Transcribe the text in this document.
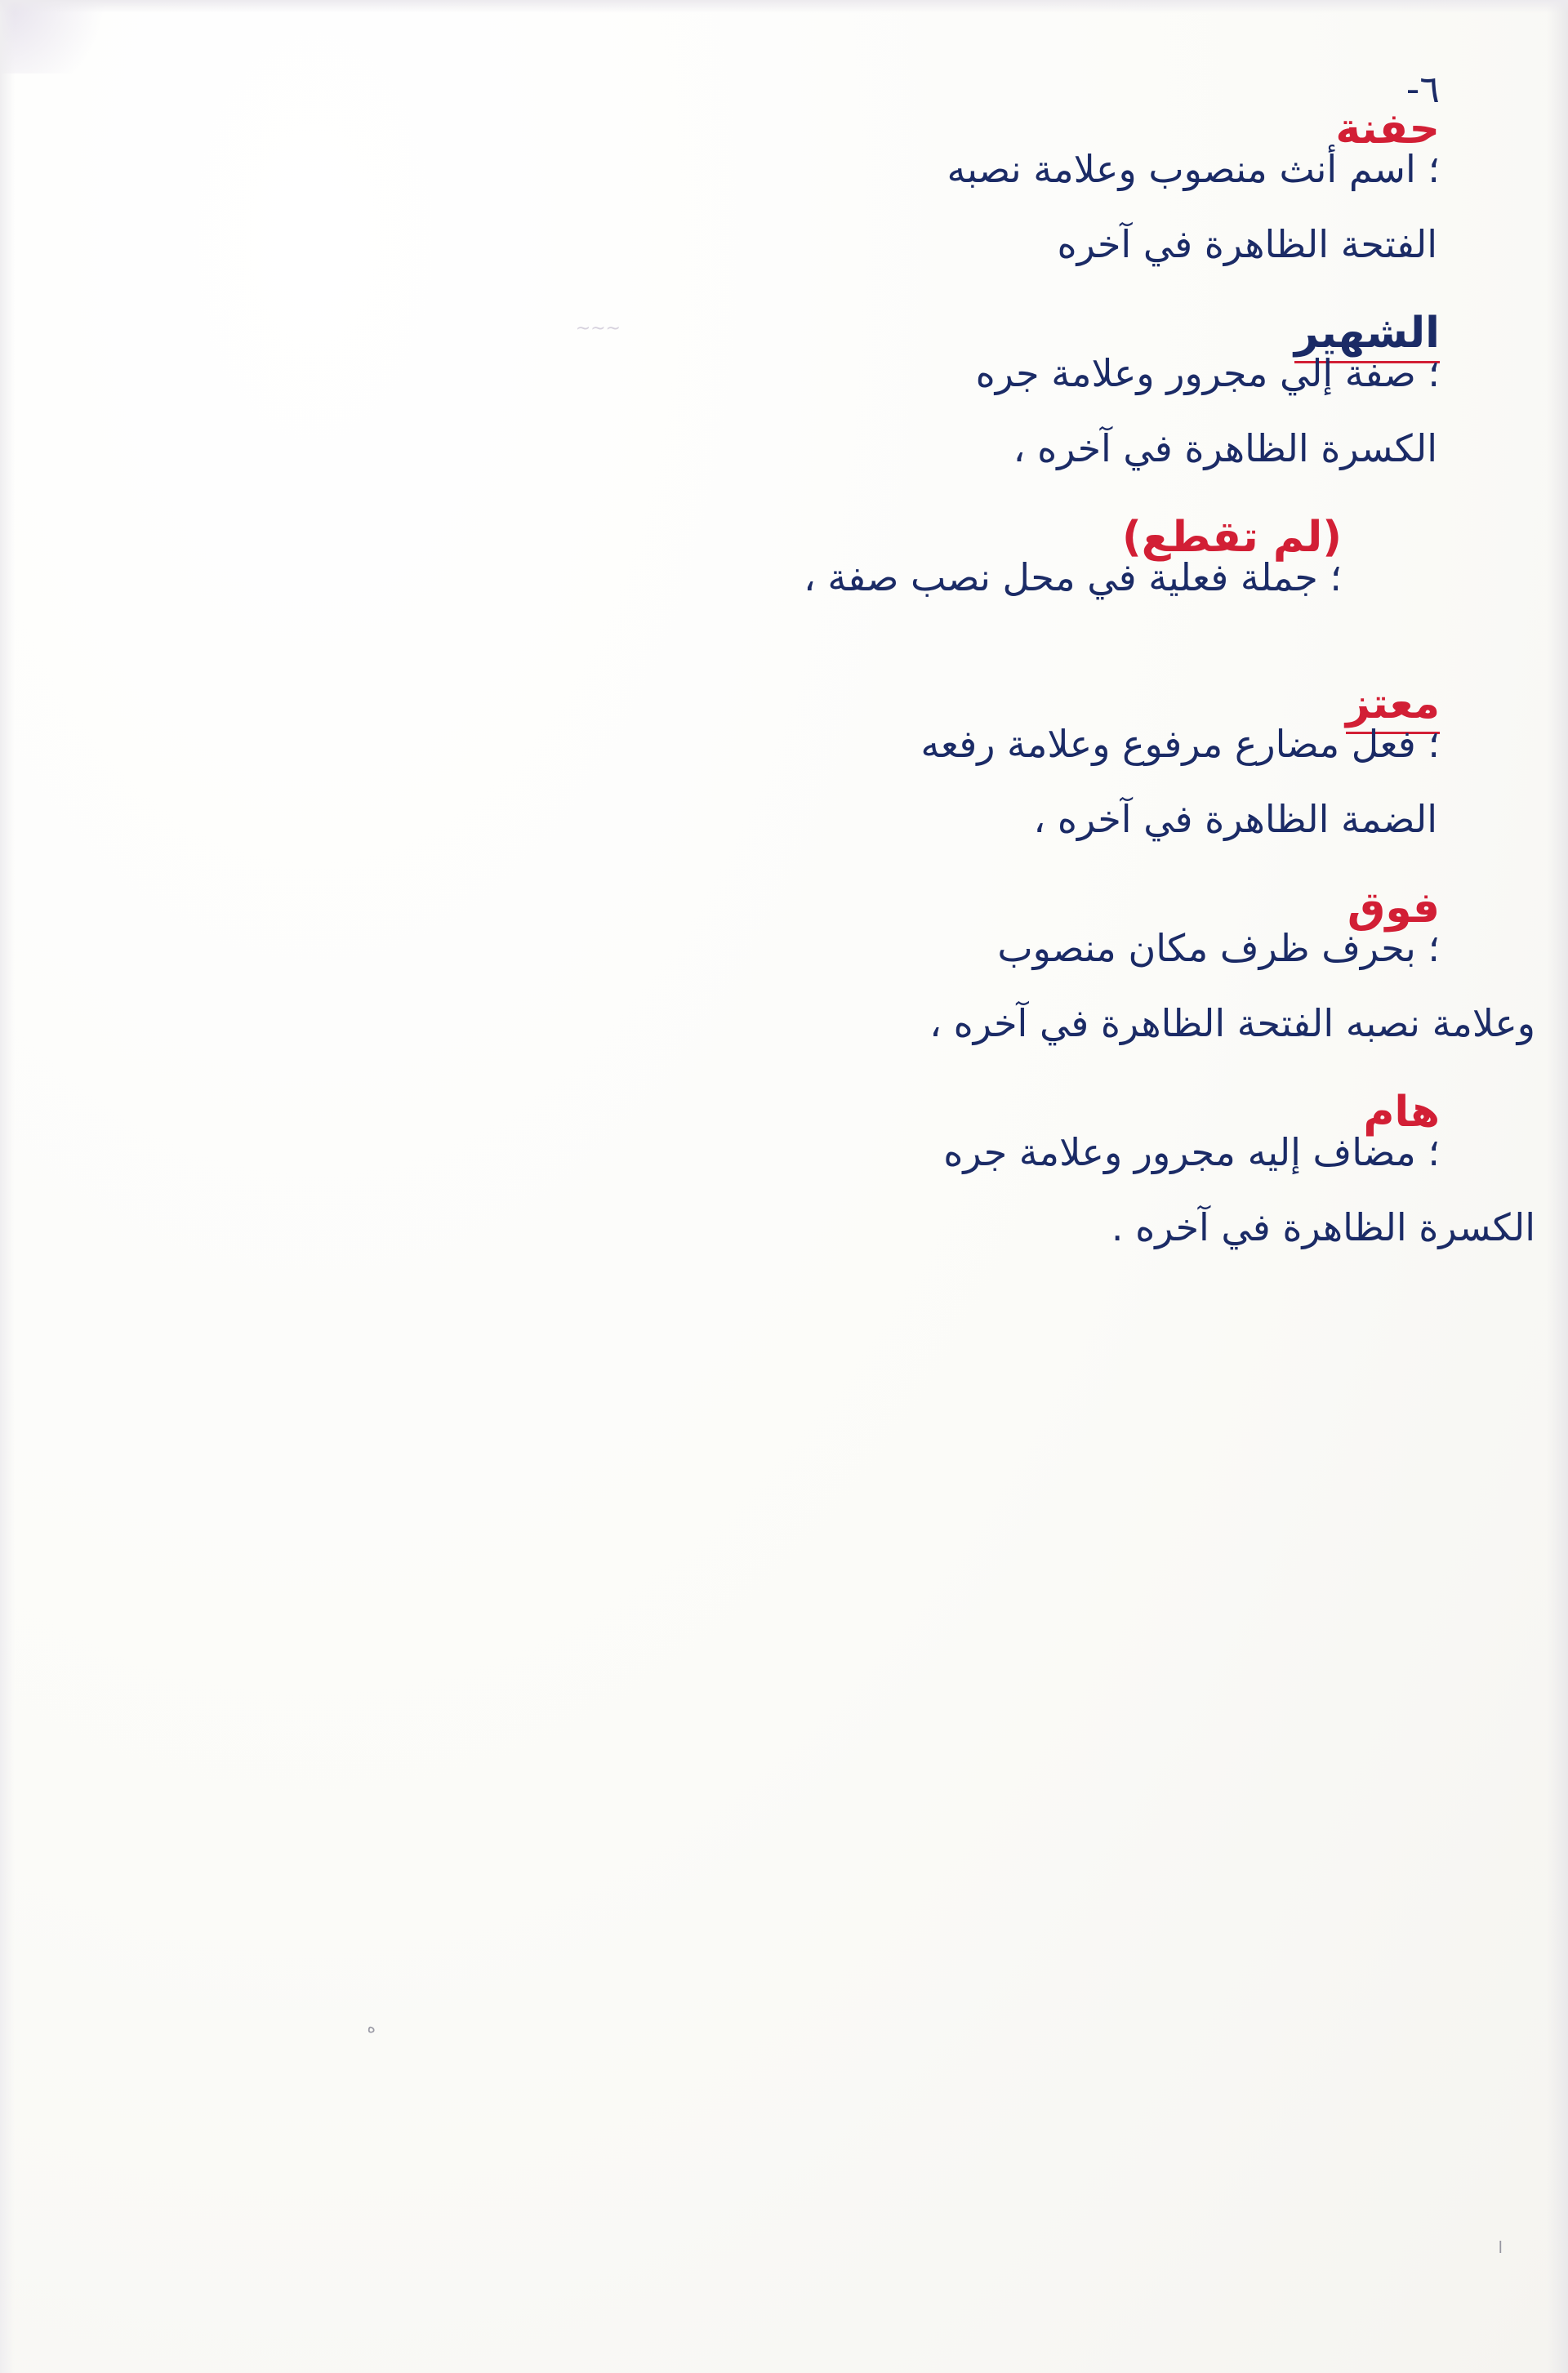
٦-
حفنة
؛ اسم أنث منصوب وعلامة نصبه

الفتحة الظاهرة في آخره

الشهير
؛ صفة إلي مجرور وعلامة جره

الكسرة الظاهرة في آخره ،

(لم تقطع)
؛ جملة فعلية في محل نصب صفة ،

معتز
؛ فعل مضارع مرفوع وعلامة رفعه

الضمة الظاهرة في آخره ،

فوق
؛ بحرف ظرف مكان منصوب

وعلامة نصبه الفتحة الظاهرة في آخره ،

هام
؛ مضاف إليه مجرور وعلامة جره

الكسرة الظاهرة في آخره .
~~~
ه
ا
